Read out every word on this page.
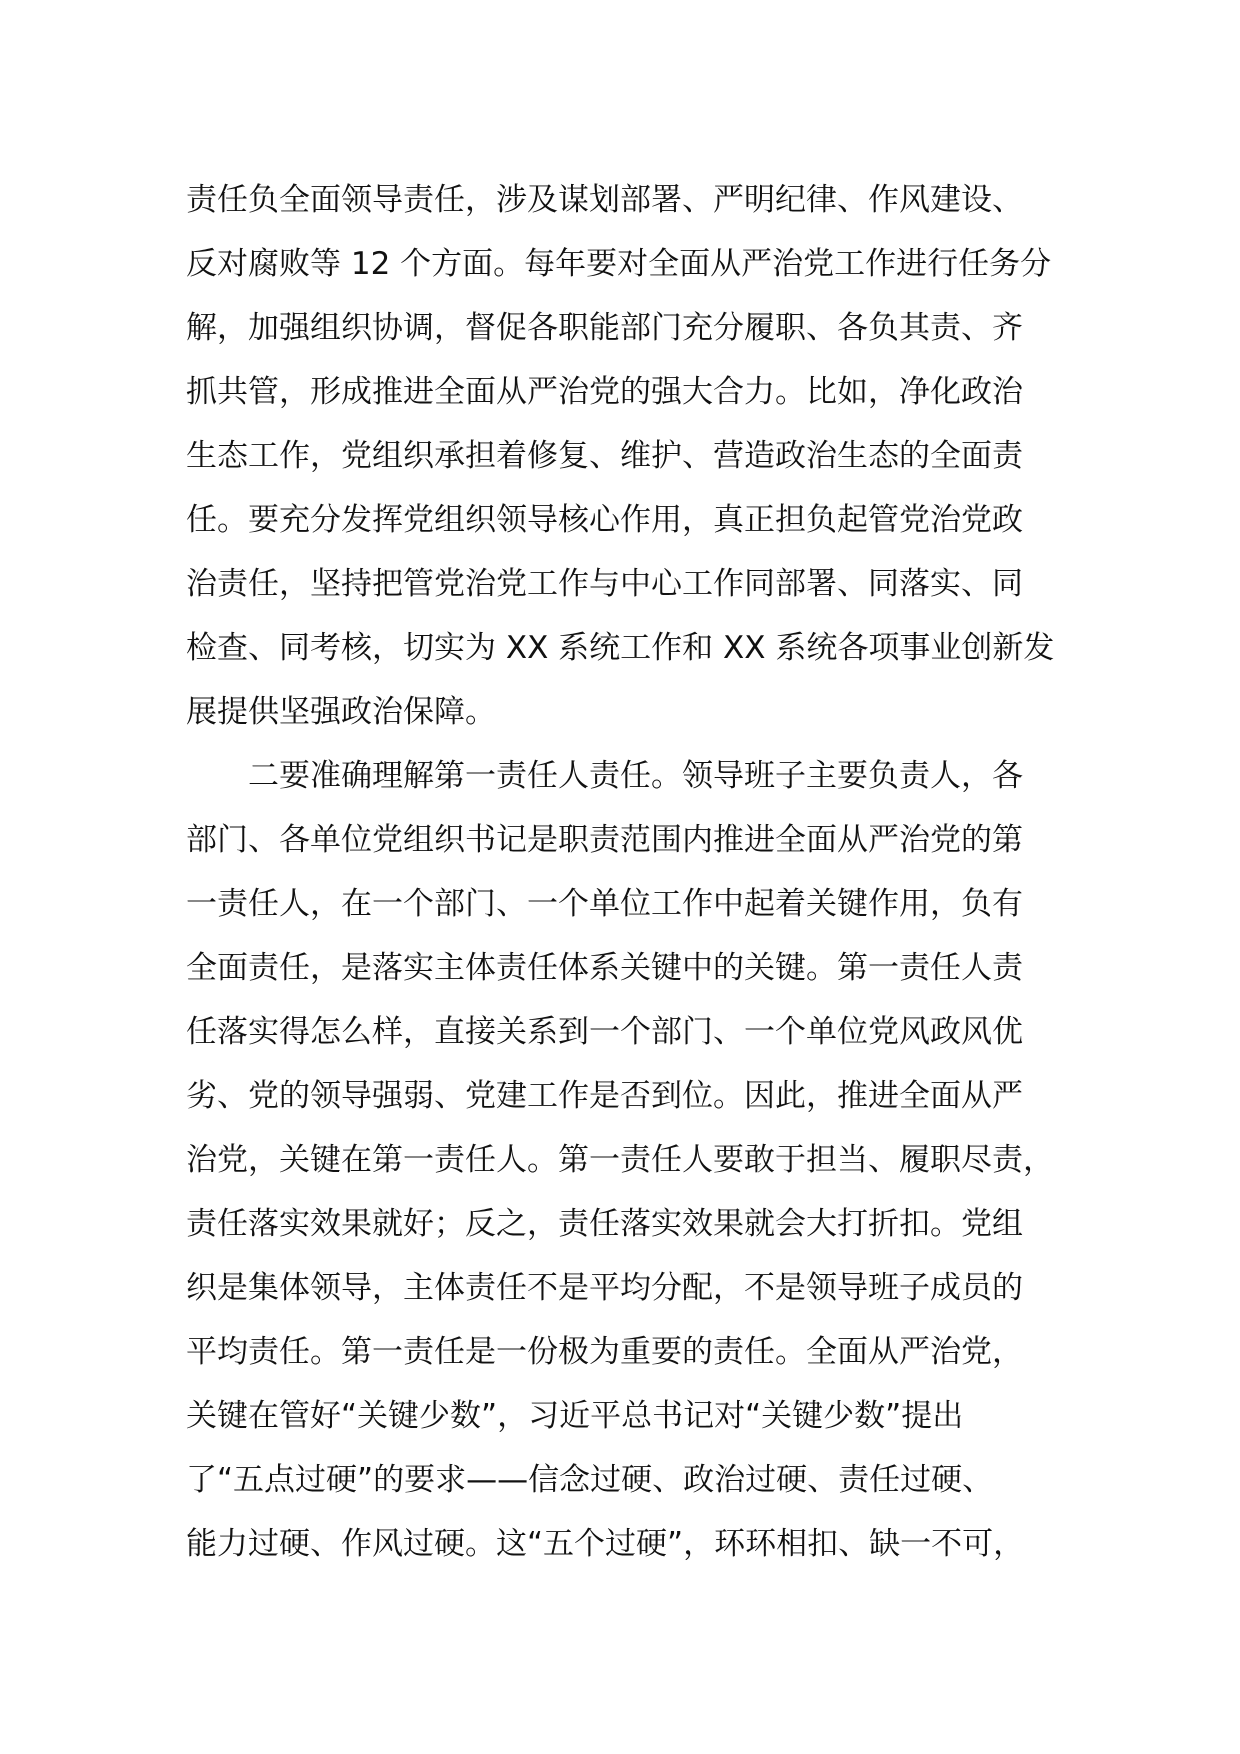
责任负全面领导责任，涉及谋划部署、严明纪律、作风建设、
反对腐败等 12 个方面。每年要对全面从严治党工作进行任务分
解，加强组织协调，督促各职能部门充分履职、各负其责、齐
抓共管，形成推进全面从严治党的强大合力。比如，净化政治
生态工作，党组织承担着修复、维护、营造政治生态的全面责
任。要充分发挥党组织领导核心作用，真正担负起管党治党政
治责任，坚持把管党治党工作与中心工作同部署、同落实、同
检查、同考核，切实为 XX 系统工作和 XX 系统各项事业创新发
展提供坚强政治保障。
二要准确理解第一责任人责任。领导班子主要负责人，各
部门、各单位党组织书记是职责范围内推进全面从严治党的第
一责任人，在一个部门、一个单位工作中起着关键作用，负有
全面责任，是落实主体责任体系关键中的关键。第一责任人责
任落实得怎么样，直接关系到一个部门、一个单位党风政风优
劣、党的领导强弱、党建工作是否到位。因此，推进全面从严
治党，关键在第一责任人。第一责任人要敢于担当、履职尽责，
责任落实效果就好；反之，责任落实效果就会大打折扣。党组
织是集体领导，主体责任不是平均分配，不是领导班子成员的
平均责任。第一责任是一份极为重要的责任。全面从严治党，
关键在管好“关键少数”，习近平总书记对“关键少数”提出
了“五点过硬”的要求——信念过硬、政治过硬、责任过硬、
能力过硬、作风过硬。这“五个过硬”，环环相扣、缺一不可，
